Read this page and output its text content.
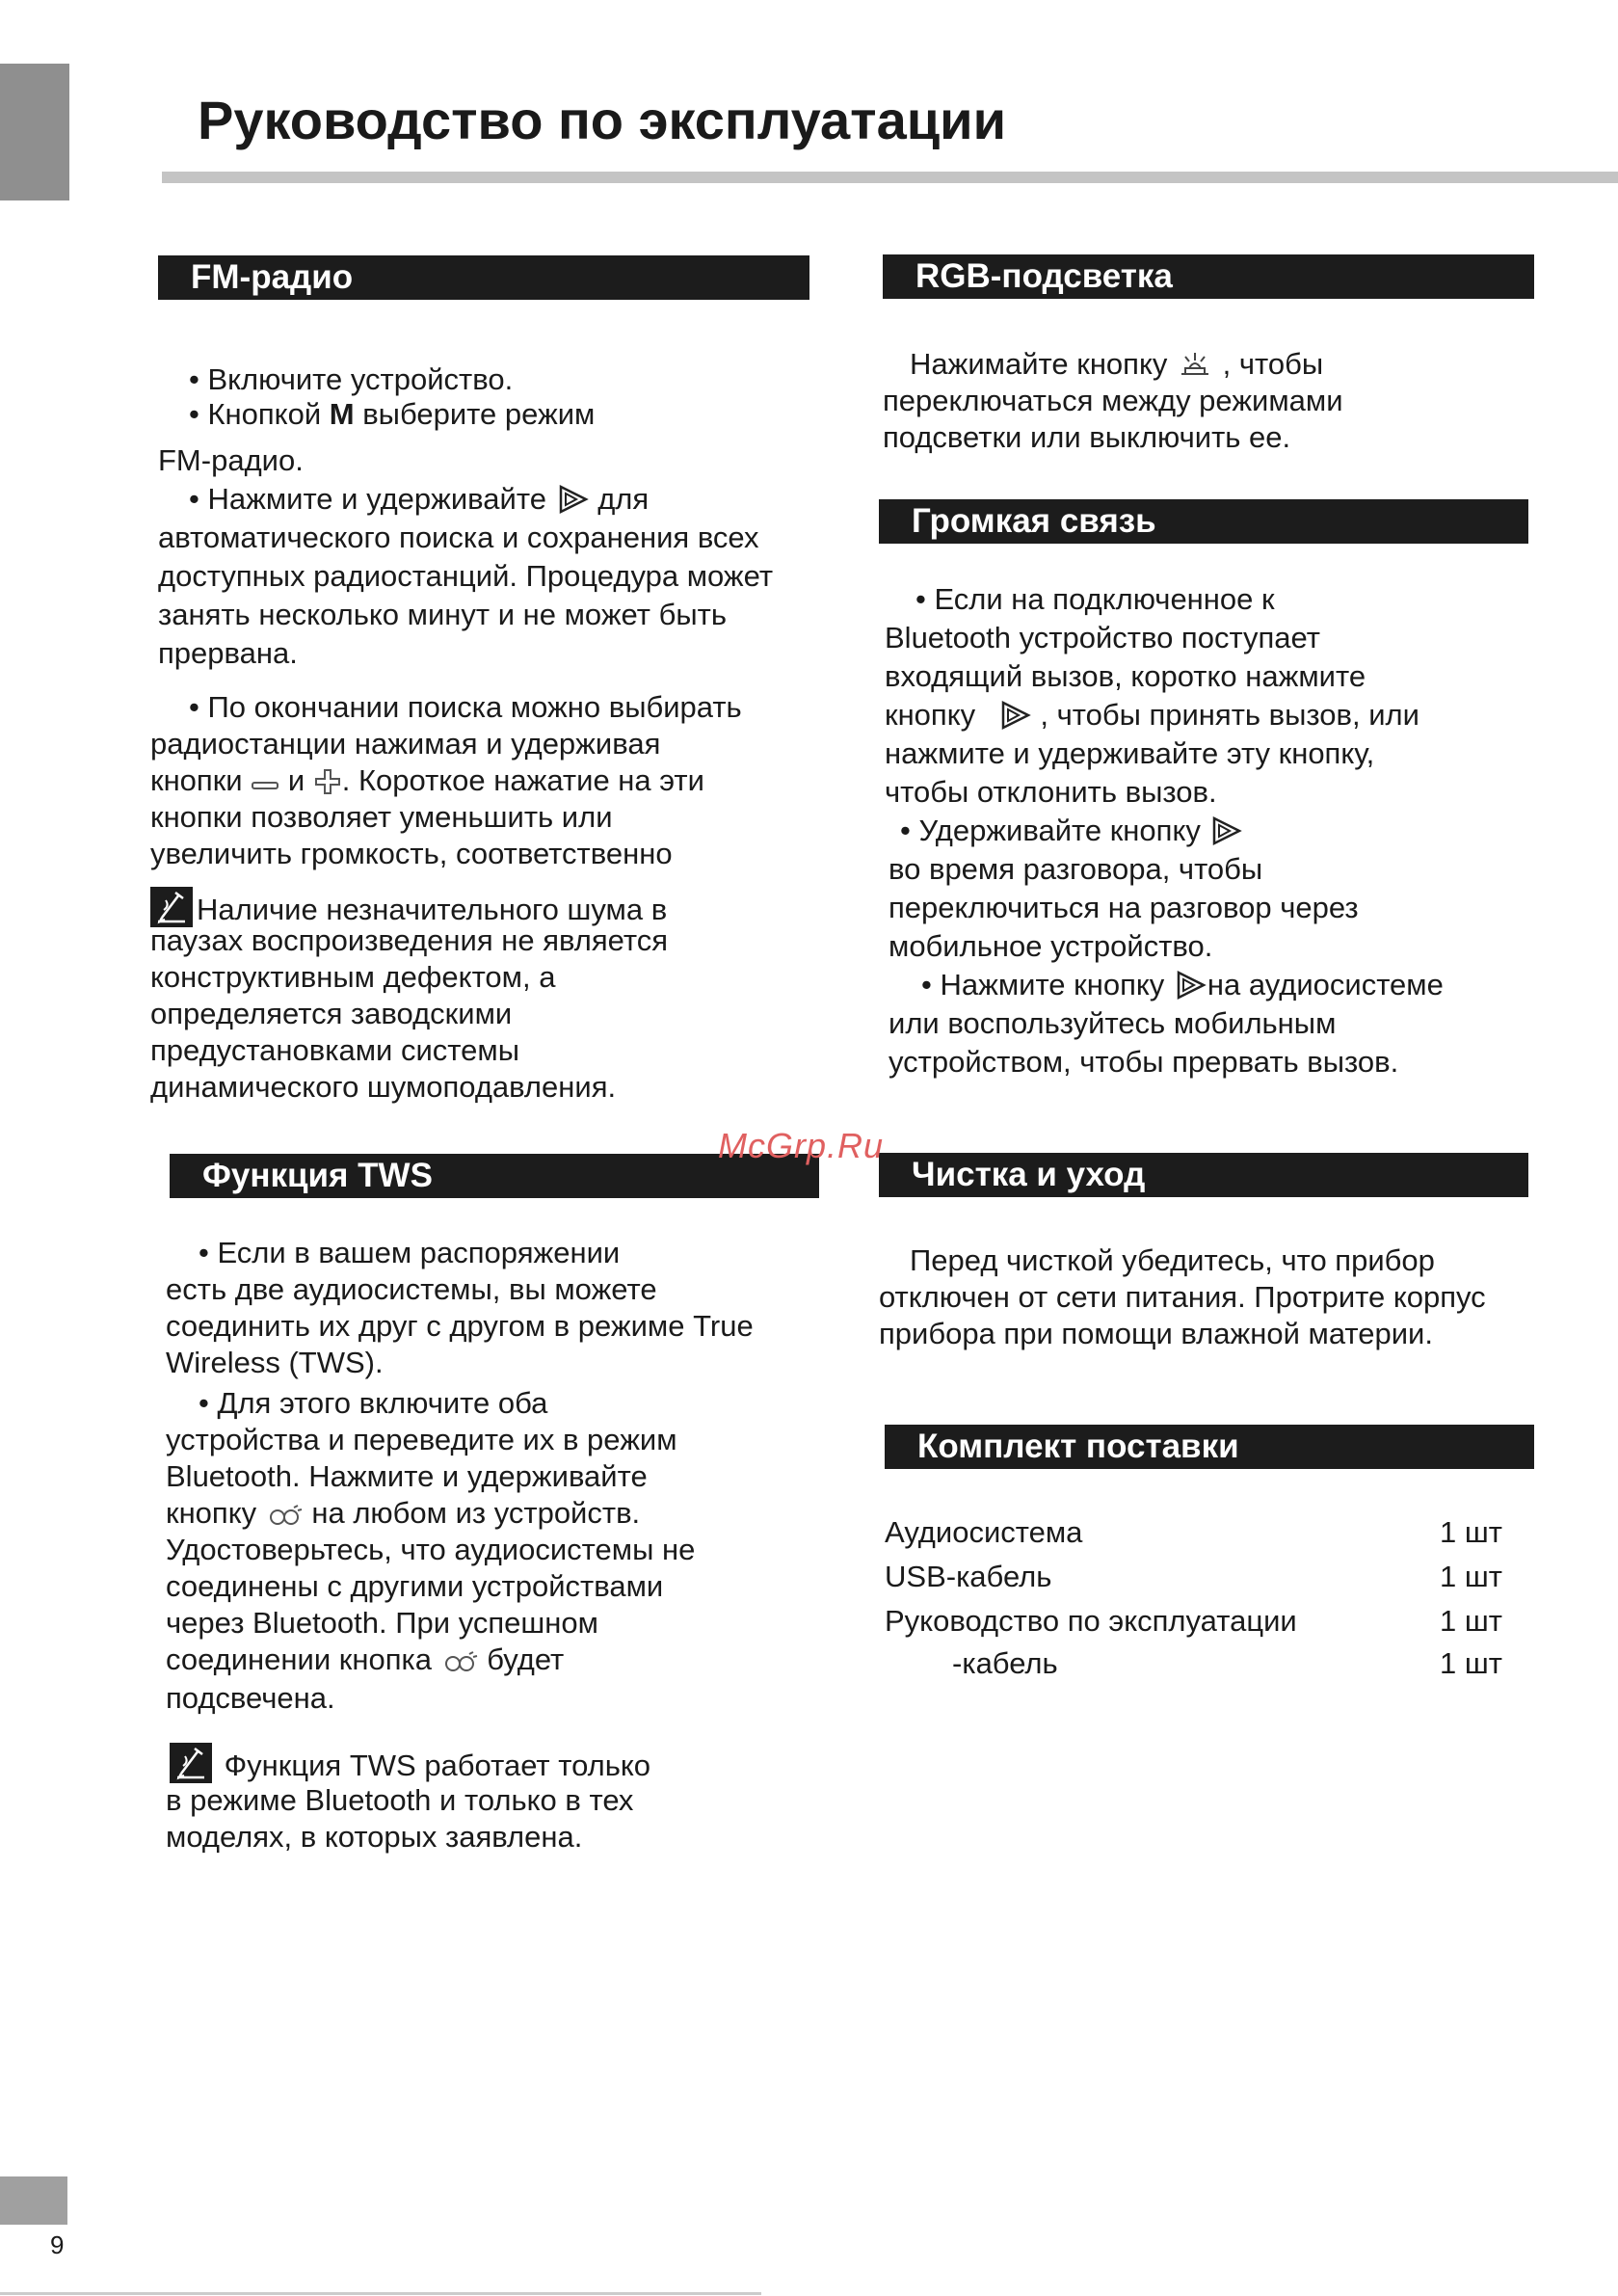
Руководство по эксплуатации
FM-радио
• Включите устройство.
• Кнопкой M выберите режим
FM-радио.
• Нажмите и удерживайте  для
автоматического поиска и сохранения всех
доступных радиостанций. Процедура может
занять несколько минут и не может быть
прервана.
• По окончании поиска можно выбирать
радиостанции нажимая и удерживая
кнопки  и . Короткое нажатие на эти
кнопки позволяет уменьшить или
увеличить громкость, соответственно
Наличие незначительного шума в
паузах воспроизведения не является
конструктивным дефектом, а
определяется заводскими
предустановками системы
динамического шумоподавления.
RGB-подсветка
Нажимайте кнопку  , чтобы
переключаться между режимами
подсветки или выключить ее.
Громкая связь
• Если на подключенное к
Bluetooth устройство поступает
входящий вызов, коротко нажмите
кнопку  , чтобы принять вызов, или
нажмите и удерживайте эту кнопку,
чтобы отклонить вызов.
• Удерживайте кнопку
во время разговора, чтобы
переключиться на разговор через
мобильное устройство.
• Нажмите кнопку на аудиосистеме
или воспользуйтесь мобильным
устройством, чтобы прервать вызов.
Функция TWS
• Если в вашем распоряжении
есть две аудиосистемы, вы можете
соединить их друг с другом в режиме True
Wireless (TWS).
• Для этого включите оба
устройства и переведите их в режим
Bluetooth. Нажмите и удерживайте
кнопку  на любом из устройств.
Удостоверьтесь, что аудиосистемы не
соединены с другими устройствами
через Bluetooth. При успешном
соединении кнопка  будет
подсвечена.
Функция TWS работает только
в режиме Bluetooth и только в тех
моделях, в которых заявлена.
Чистка и уход
Перед чисткой убедитесь, что прибор
отключен от сети питания. Протрите корпус
прибора при помощи влажной материи.
Комплект поставки
Аудиосистема	1 шт
USB-кабель	1 шт
Руководство по эксплуатации	1 шт
-кабель	1 шт
McGrp.Ru
9
